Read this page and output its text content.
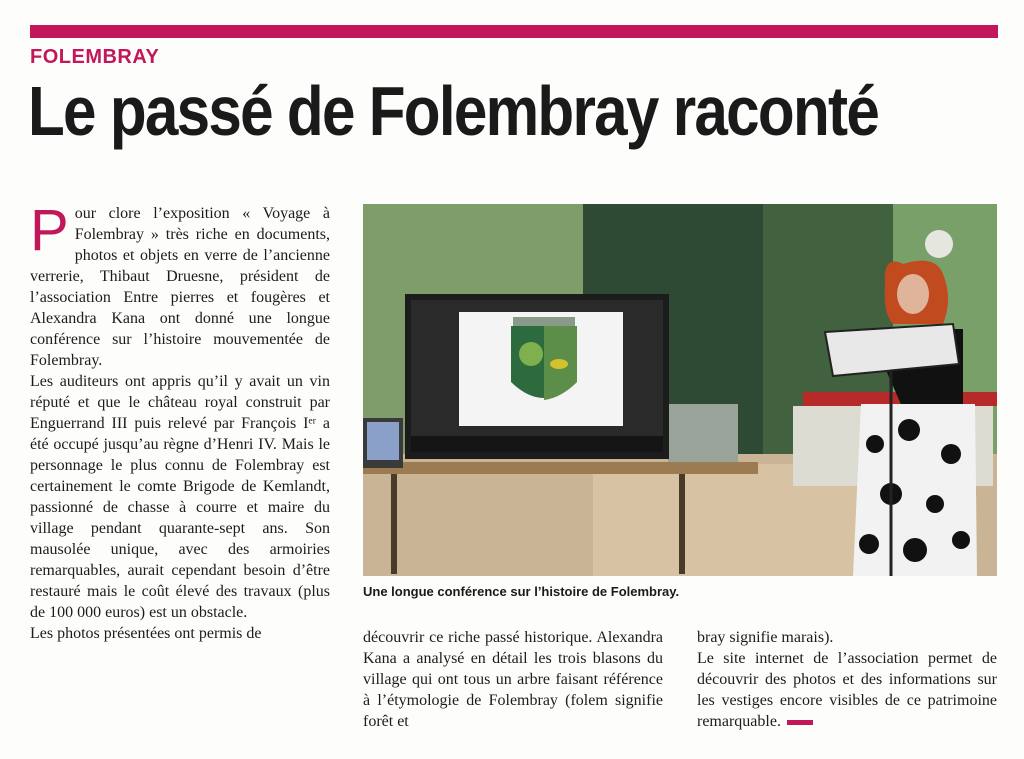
FOLEMBRAY
Le passé de Folembray raconté

Pour clore l’exposition « Voyage à Folembray » très riche en documents, photos et objets en verre de l’ancienne verrerie, Thibaut Druesne, président de l’association Entre pierres et fougères et Alexandra Kana ont donné une longue conférence sur l’histoire mouvementée de Folembray.

Les auditeurs ont appris qu’il y avait un vin réputé et que le château royal construit par Enguerrand III puis relevé par François Iᵉʳ a été occupé jusqu’au règne d’Henri IV. Mais le personnage le plus connu de Folembray est certainement le comte Brigode de Kemlandt, passionné de chasse à courre et maire du village pendant quarante-sept ans. Son mausolée unique, avec des armoiries remarquables, aurait cependant besoin d’être restauré mais le coût élevé des travaux (plus de 100 000 euros) est un obstacle.

Les photos présentées ont permis de

Une longue conférence sur l’histoire de Folembray.
découvrir ce riche passé historique. Alexandra Kana a analysé en détail les trois blasons du village qui ont tous un arbre faisant référence à l’étymologie de Folembray (folem signifie forêt et
bray signifie marais).
Le site internet de l’association permet de découvrir des photos et des informations sur les vestiges encore visibles de ce patrimoine remarquable.
